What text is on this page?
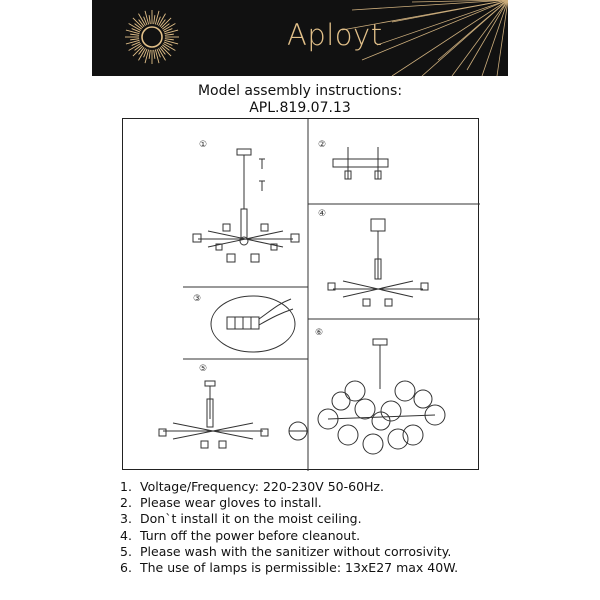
Aployt
Model assembly instructions:
APL.819.07.13
①	②
④
③
⑤
⑥
1. Voltage/Frequency: 220-230V 50-60Hz.
2. Please wear gloves to install.
3. Don`t install it on the moist ceiling.
4. Turn off the power before cleanout.
5. Please wash with the sanitizer without corrosivity.
6. The use of lamps is permissible: 13xE27 max 40W.
